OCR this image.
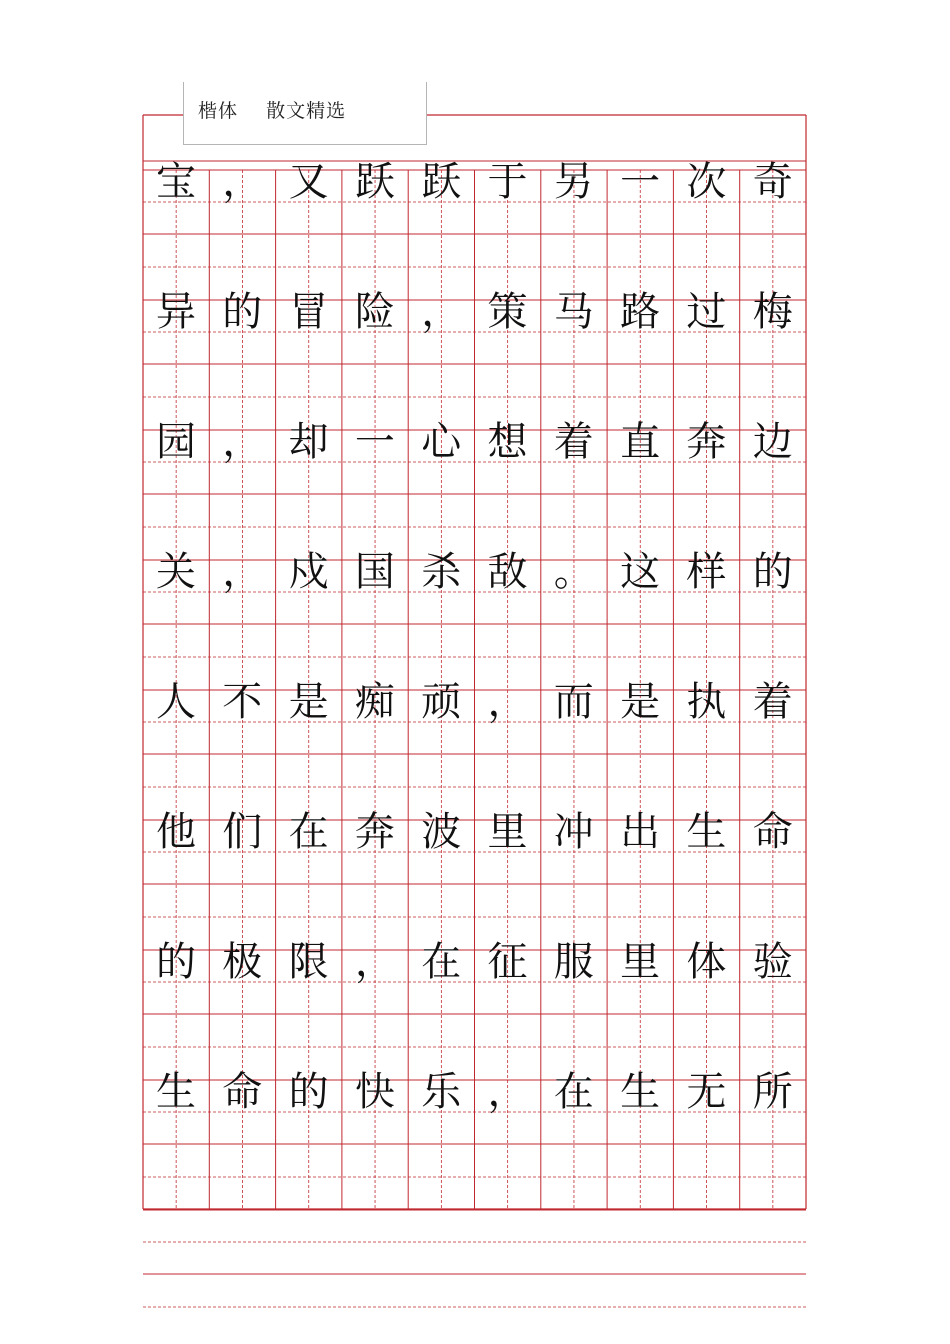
楷体    散文精选
宝 ， 又 跃 跃 于 另 一 次 奇
异 的 冒 险 ， 策 马 路 过 梅
园 ， 却 一 心 想 着 直 奔 边
关 ， 戍 国 杀 敌 。 这 样 的
人 不 是 痴 顽 ， 而 是 执 着
他 们 在 奔 波 里 冲 出 生 命
的 极 限 ， 在 征 服 里 体 验
生 命 的 快 乐 ， 在 生 无 所
